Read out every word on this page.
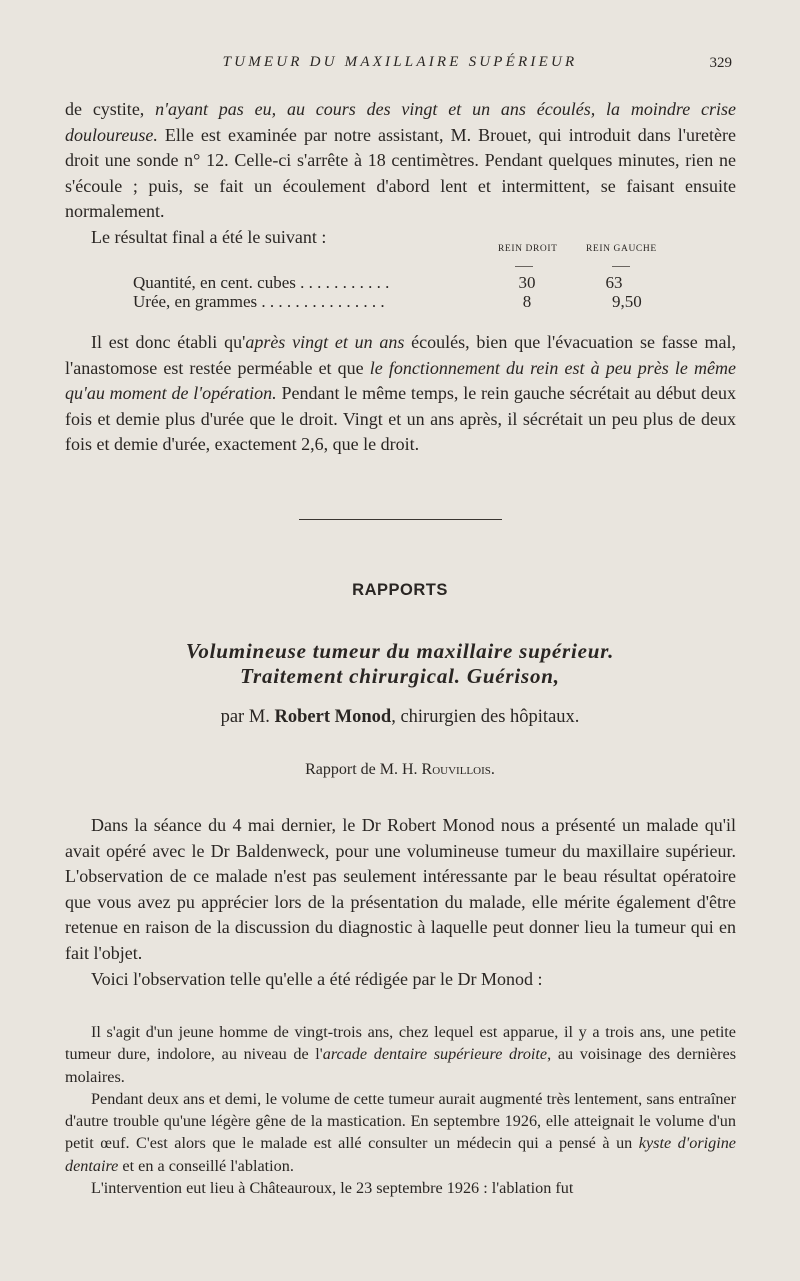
TUMEUR DU MAXILLAIRE SUPÉRIEUR	329

de cystite, n'ayant pas eu, au cours des vingt et un ans écoulés, la moindre crise douloureuse. Elle est examinée par notre assistant, M. Brouet, qui introduit dans l'uretère droit une sonde n° 12. Celle-ci s'arrête à 18 centimètres. Pendant quelques minutes, rien ne s'écoule ; puis, se fait un écoulement d'abord lent et intermittent, se faisant ensuite normalement.

Le résultat final a été le suivant :

REIN DROIT	REIN GAUCHE
Quantité, en cent. cubes . . . . . . . . . . .	30	63
Urée, en grammes . . . . . . . . . . . . . . .	8	9,50

Il est donc établi qu'après vingt et un ans écoulés, bien que l'évacuation se fasse mal, l'anastomose est restée perméable et que le fonctionnement du rein est à peu près le même qu'au moment de l'opération. Pendant le même temps, le rein gauche sécrétait au début deux fois et demie plus d'urée que le droit. Vingt et un ans après, il sécrétait un peu plus de deux fois et demie d'urée, exactement 2,6, que le droit.

RAPPORTS
Volumineuse tumeur du maxillaire supérieur.
Traitement chirurgical. Guérison,
par M. Robert Monod, chirurgien des hôpitaux.
Rapport de M. H. Rouvillois.

Dans la séance du 4 mai dernier, le Dr Robert Monod nous a présenté un malade qu'il avait opéré avec le Dr Baldenweck, pour une volumineuse tumeur du maxillaire supérieur. L'observation de ce malade n'est pas seulement intéressante par le beau résultat opératoire que vous avez pu apprécier lors de la présentation du malade, elle mérite également d'être retenue en raison de la discussion du diagnostic à laquelle peut donner lieu la tumeur qui en fait l'objet.

Voici l'observation telle qu'elle a été rédigée par le Dr Monod :

Il s'agit d'un jeune homme de vingt-trois ans, chez lequel est apparue, il y a trois ans, une petite tumeur dure, indolore, au niveau de l'arcade dentaire supérieure droite, au voisinage des dernières molaires.

Pendant deux ans et demi, le volume de cette tumeur aurait augmenté très lentement, sans entraîner d'autre trouble qu'une légère gêne de la mastication. En septembre 1926, elle atteignait le volume d'un petit œuf. C'est alors que le malade est allé consulter un médecin qui a pensé à un kyste d'origine dentaire et en a conseillé l'ablation.

L'intervention eut lieu à Châteauroux, le 23 septembre 1926 : l'ablation fut
